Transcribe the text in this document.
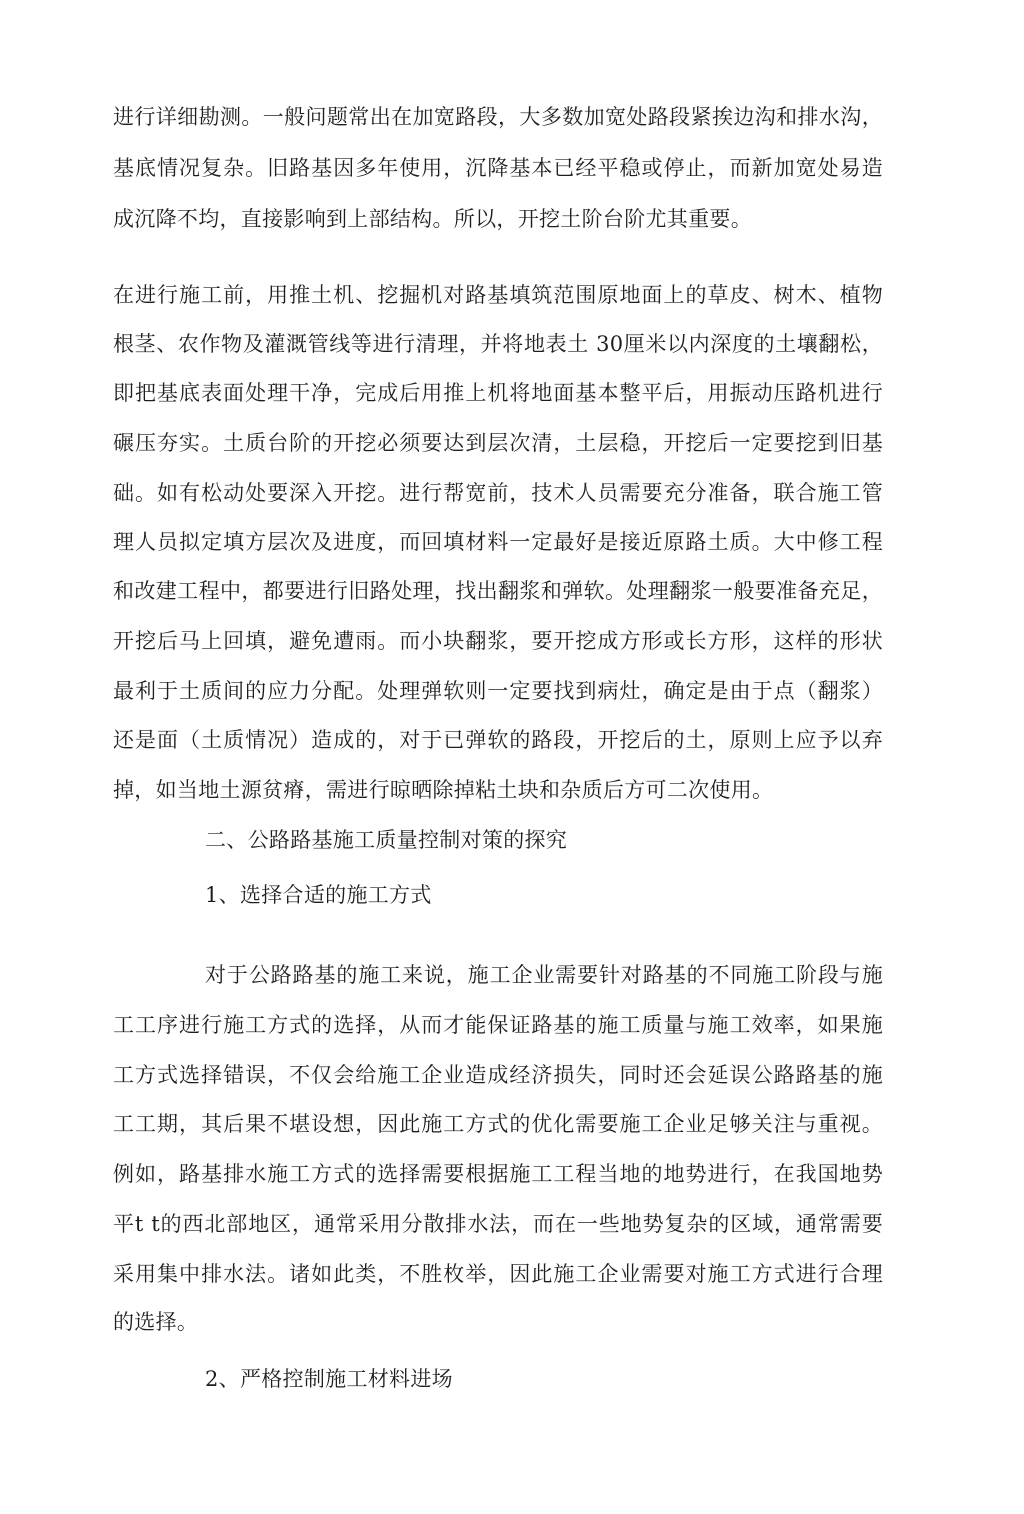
进行详细勘测。一般问题常出在加宽路段，大多数加宽处路段紧挨边沟和排水沟，
基底情况复杂。旧路基因多年使用，沉降基本已经平稳或停止，而新加宽处易造
成沉降不均，直接影响到上部结构。所以，开挖土阶台阶尤其重要。
在进行施工前，用推土机、挖掘机对路基填筑范围原地面上的草皮、树木、植物
根茎、农作物及灌溉管线等进行清理，并将地表土 30厘米以内深度的土壤翻松，
即把基底表面处理干净，完成后用推上机将地面基本整平后，用振动压路机进行
碾压夯实。土质台阶的开挖必须要达到层次清，土层稳，开挖后一定要挖到旧基
础。如有松动处要深入开挖。进行帮宽前，技术人员需要充分准备，联合施工管
理人员拟定填方层次及进度，而回填材料一定最好是接近原路土质。大中修工程
和改建工程中，都要进行旧路处理，找出翻浆和弹软。处理翻浆一般要准备充足，
开挖后马上回填，避免遭雨。而小块翻浆，要开挖成方形或长方形，这样的形状
最利于土质间的应力分配。处理弹软则一定要找到病灶，确定是由于点（翻浆）
还是面（土质情况）造成的，对于已弹软的路段，开挖后的土，原则上应予以弃
掉，如当地土源贫瘠，需进行晾晒除掉粘土块和杂质后方可二次使用。
二、公路路基施工质量控制对策的探究
1、选择合适的施工方式
对于公路路基的施工来说，施工企业需要针对路基的不同施工阶段与施
工工序进行施工方式的选择，从而才能保证路基的施工质量与施工效率，如果施
工方式选择错误，不仅会给施工企业造成经济损失，同时还会延误公路路基的施
工工期，其后果不堪设想，因此施工方式的优化需要施工企业足够关注与重视。
例如，路基排水施工方式的选择需要根据施工工程当地的地势进行，在我国地势
平t t的西北部地区，通常采用分散排水法，而在一些地势复杂的区域，通常需要
采用集中排水法。诸如此类，不胜枚举，因此施工企业需要对施工方式进行合理
的选择。
2、严格控制施工材料进场
